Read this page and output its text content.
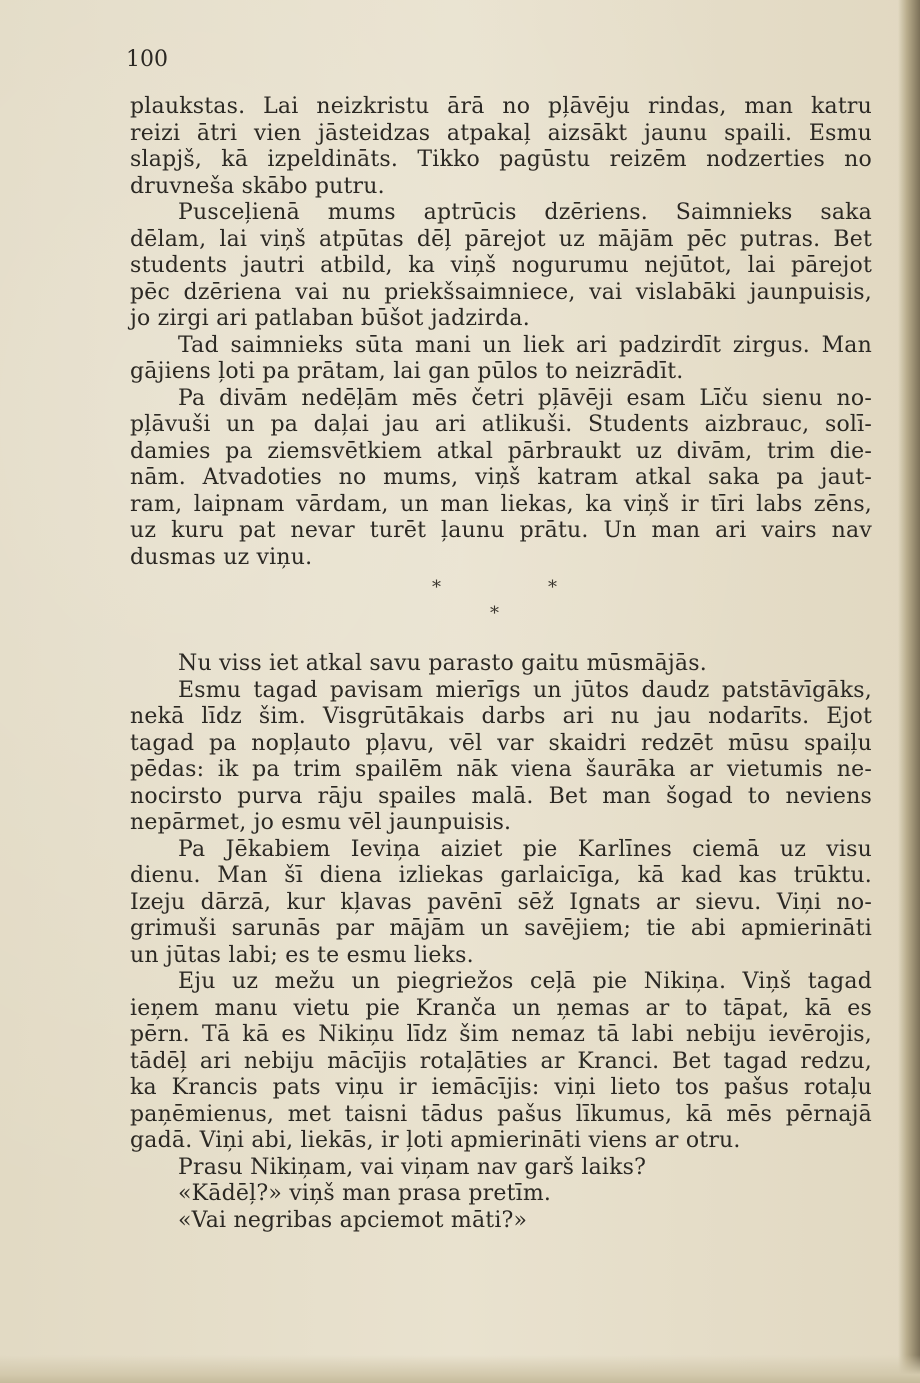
100
plaukstas. Lai neizkristu ārā no pļāvēju rindas, man katru
reizi ātri vien jāsteidzas atpakaļ aizsākt jaunu spaili. Esmu
slapjš, kā izpeldināts. Tikko pagūstu reizēm nodzerties no
druvneša skābo putru.
Pusceļienā mums aptrūcis dzēriens. Saimnieks saka
dēlam, lai viņš atpūtas dēļ pārejot uz mājām pēc putras. Bet
students jautri atbild, ka viņš nogurumu nejūtot, lai pārejot
pēc dzēriena vai nu priekšsaimniece, vai vislabāki jaunpuisis,
jo zirgi ari patlaban būšot jadzirda.
Tad saimnieks sūta mani un liek ari padzirdīt zirgus. Man
gājiens ļoti pa prātam, lai gan pūlos to neizrādīt.
Pa divām nedēļām mēs četri pļāvēji esam Līču sienu no-
pļāvuši un pa daļai jau ari atlikuši. Students aizbrauc, solī-
damies pa ziemsvētkiem atkal pārbraukt uz divām, trim die-
nām. Atvadoties no mums, viņš katram atkal saka pa jaut-
ram, laipnam vārdam, un man liekas, ka viņš ir tīri labs zēns,
uz kuru pat nevar turēt ļaunu prātu. Un man ari vairs nav
dusmas uz viņu.
*	*
*
Nu viss iet atkal savu parasto gaitu mūsmājās.
Esmu tagad pavisam mierīgs un jūtos daudz patstāvīgāks,
nekā līdz šim. Visgrūtākais darbs ari nu jau nodarīts. Ejot
tagad pa nopļauto pļavu, vēl var skaidri redzēt mūsu spaiļu
pēdas: ik pa trim spailēm nāk viena šaurāka ar vietumis ne-
nocirsto purva rāju spailes malā. Bet man šogad to neviens
nepārmet, jo esmu vēl jaunpuisis.
Pa Jēkabiem Ieviņa aiziet pie Karlīnes ciemā uz visu
dienu. Man šī diena izliekas garlaicīga, kā kad kas trūktu.
Izeju dārzā, kur kļavas pavēnī sēž Ignats ar sievu. Viņi no-
grimuši sarunās par mājām un savējiem; tie abi apmierināti
un jūtas labi; es te esmu lieks.
Eju uz mežu un piegriežos ceļā pie Nikiņa. Viņš tagad
ieņem manu vietu pie Kranča un ņemas ar to tāpat, kā es
pērn. Tā kā es Nikiņu līdz šim nemaz tā labi nebiju ievērojis,
tādēļ ari nebiju mācījis rotaļāties ar Kranci. Bet tagad redzu,
ka Krancis pats viņu ir iemācījis: viņi lieto tos pašus rotaļu
paņēmienus, met taisni tādus pašus līkumus, kā mēs pērnajā
gadā. Viņi abi, liekās, ir ļoti apmierināti viens ar otru.
Prasu Nikiņam, vai viņam nav garš laiks?
«Kādēļ?» viņš man prasa pretīm.
«Vai negribas apciemot māti?»
